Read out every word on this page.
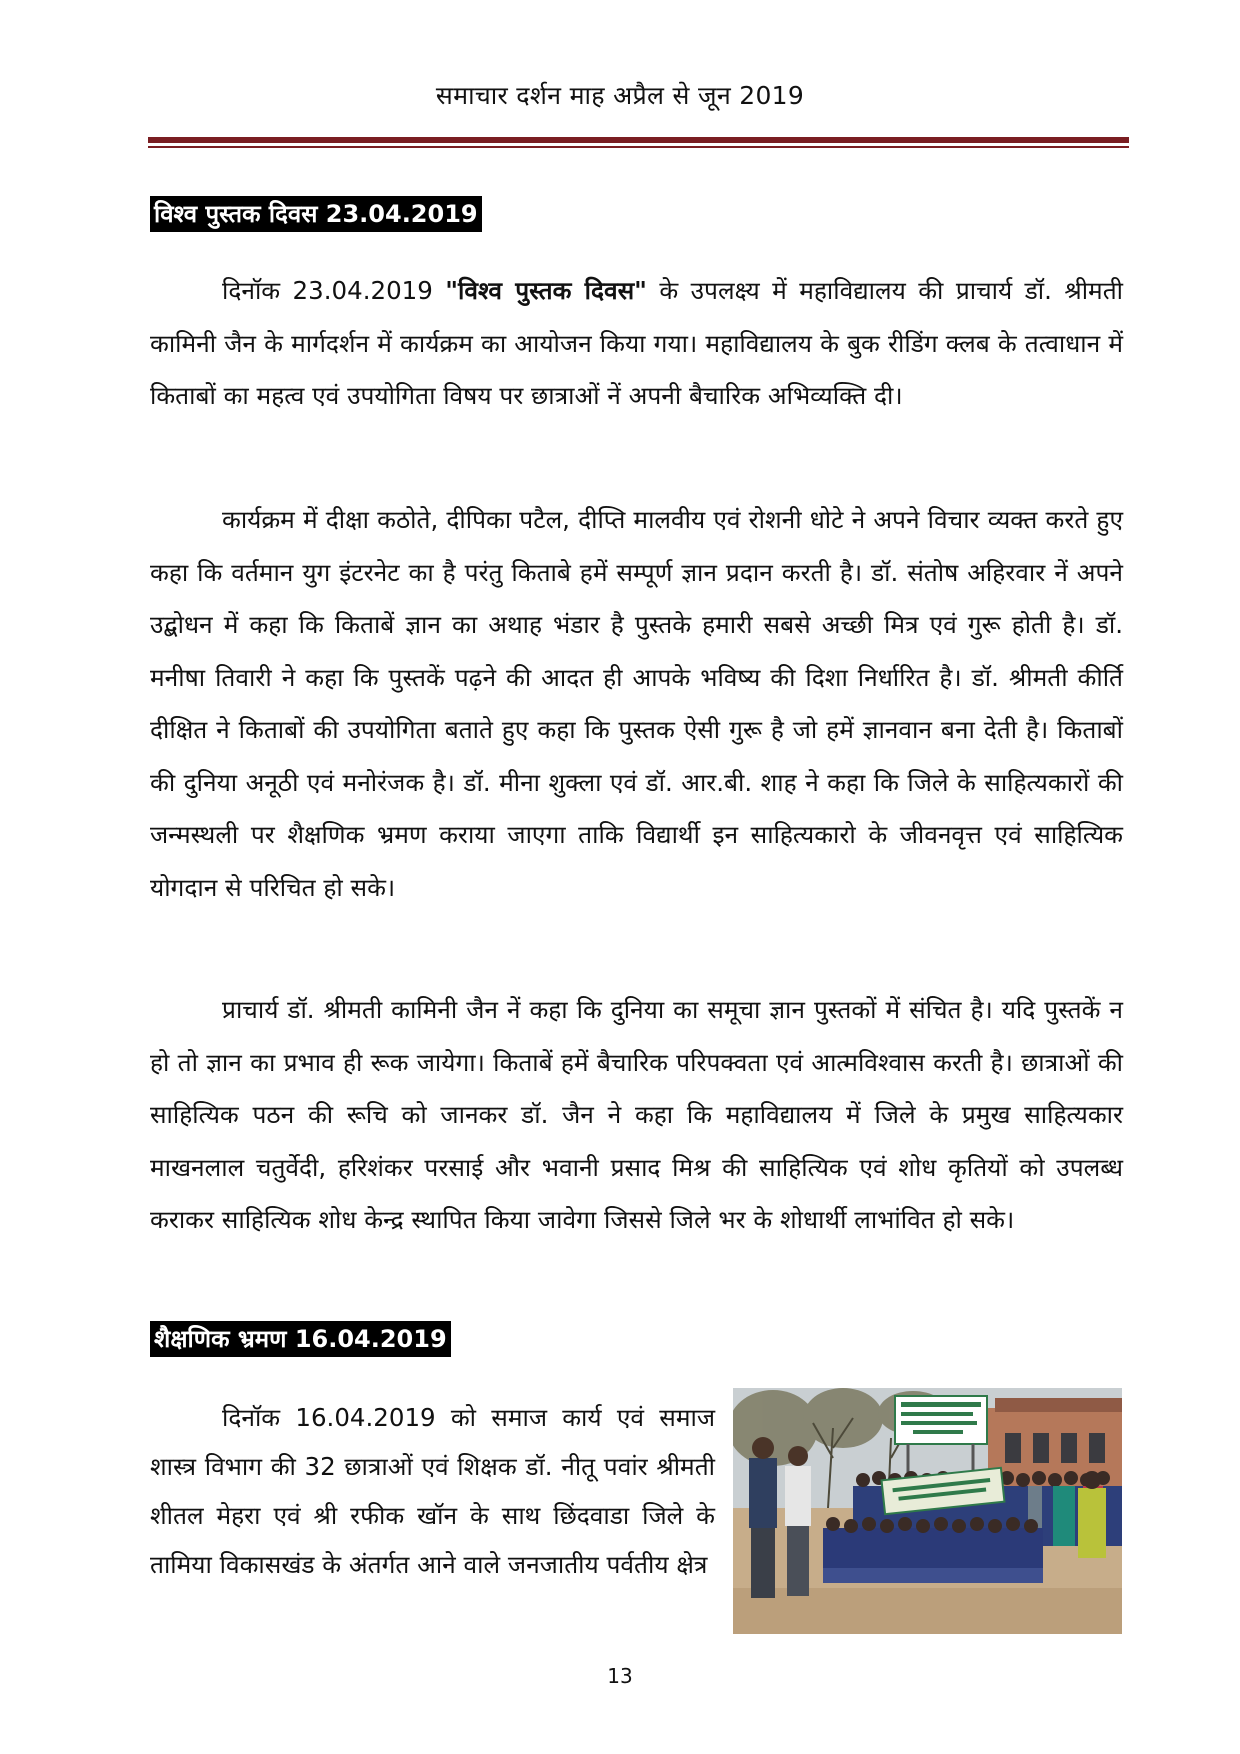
समाचार दर्शन माह अप्रैल से जून 2019
विश्व पुस्तक दिवस 23.04.2019

दिनॉक 23.04.2019 "विश्व पुस्तक दिवस" के उपलक्ष्य में महाविद्यालय की प्राचार्य डॉ. श्रीमती कामिनी जैन के मार्गदर्शन में कार्यक्रम का आयोजन किया गया। महाविद्यालय के बुक रीडिंग क्लब के तत्वाधान में किताबों का महत्व एवं उपयोगिता विषय पर छात्राओं नें अपनी बैचारिक अभिव्यक्ति दी।

कार्यक्रम में दीक्षा कठोते, दीपिका पटैल, दीप्ति मालवीय एवं रोशनी धोटे ने अपने विचार व्यक्त करते हुए कहा कि वर्तमान युग इंटरनेट का है परंतु किताबे हमें सम्पूर्ण ज्ञान प्रदान करती है। डॉ. संतोष अहिरवार नें अपने उद्बोधन में कहा कि किताबें ज्ञान का अथाह भंडार है पुस्तके हमारी सबसे अच्छी मित्र एवं गुरू होती है। डॉ. मनीषा तिवारी ने कहा कि पुस्तकें पढ़ने की आदत ही आपके भविष्य की दिशा निर्धारित है। डॉ. श्रीमती कीर्ति दीक्षित ने किताबों की उपयोगिता बताते हुए कहा कि पुस्तक ऐसी गुरू है जो हमें ज्ञानवान बना देती है। किताबों की दुनिया अनूठी एवं मनोरंजक है। डॉ. मीना शुक्ला एवं डॉ. आर.बी. शाह ने कहा कि जिले के साहित्यकारों की जन्मस्थली पर शैक्षणिक भ्रमण कराया जाएगा ताकि विद्यार्थी इन साहित्यकारो के जीवनवृत्त एवं साहित्यिक योगदान से परिचित हो सके।

प्राचार्य डॉ. श्रीमती कामिनी जैन नें कहा कि दुनिया का समूचा ज्ञान पुस्तकों में संचित है। यदि पुस्तकें न हो तो ज्ञान का प्रभाव ही रूक जायेगा। किताबें हमें बैचारिक परिपक्वता एवं आत्मविश्वास करती है। छात्राओं की साहित्यिक पठन की रूचि को जानकर डॉ. जैन ने कहा कि महाविद्यालय में जिले के प्रमुख साहित्यकार माखनलाल चतुर्वेदी, हरिशंकर परसाई और भवानी प्रसाद मिश्र की साहित्यिक एवं शोध कृतियों को उपलब्ध कराकर साहित्यिक शोध केन्द्र स्थापित किया जावेगा जिससे जिले भर के शोधार्थी लाभांवित हो सके।

शैक्षणिक भ्रमण 16.04.2019

दिनॉक 16.04.2019 को समाज कार्य एवं समाज शास्त्र विभाग की 32 छात्राओं एवं शिक्षक डॉ. नीतू पवांर श्रीमती शीतल मेहरा एवं श्री रफीक खॉन के साथ छिंदवाडा जिले के तामिया विकासखंड के अंतर्गत आने वाले जनजातीय पर्वतीय क्षेत्र

13
